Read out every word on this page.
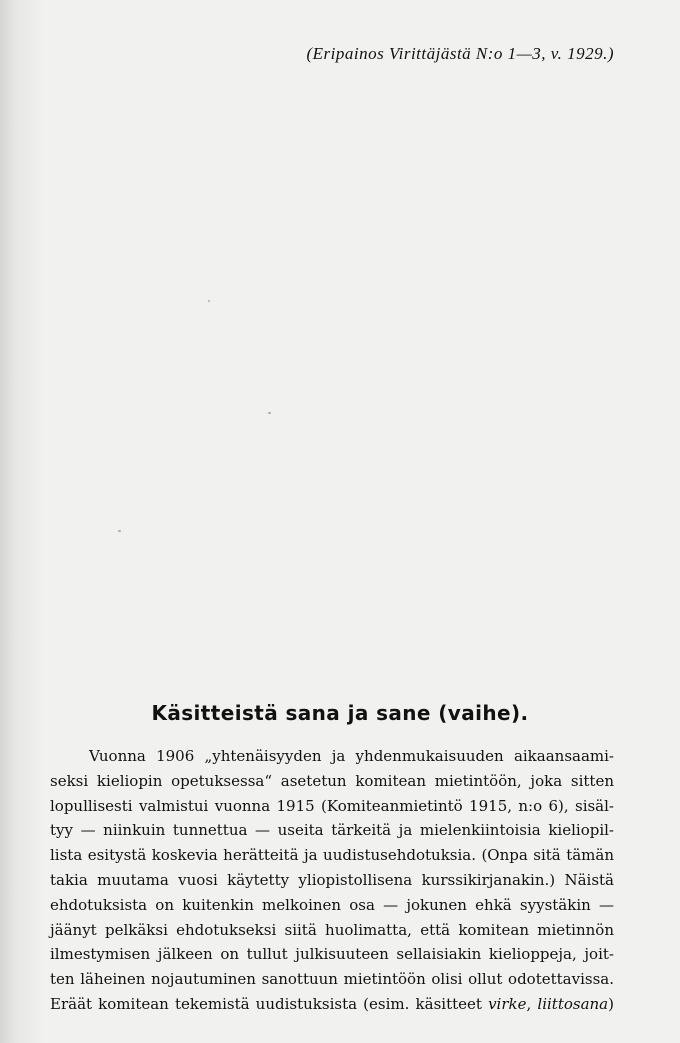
(Eripainos Virittäjästä N:o 1—3, v. 1929.)
Käsitteistä sana ja sane (vaihe).
Vuonna 1906 „yhtenäisyyden ja yhdenmukaisuuden aikaansaami-
seksi kieliopin opetuksessa“ asetetun komitean mietintöön, joka sitten
lopullisesti valmistui vuonna 1915 (Komiteanmietintö 1915, n:o 6), sisäl-
tyy — niinkuin tunnettua — useita tärkeitä ja mielenkiintoisia kieliopil-
lista esitystä koskevia herätteitä ja uudistusehdotuksia. (Onpa sitä tämän
takia muutama vuosi käytetty yliopistollisena kurssikirjanakin.) Näistä
ehdotuksista on kuitenkin melkoinen osa — jokunen ehkä syystäkin —
jäänyt pelkäksi ehdotukseksi siitä huolimatta, että komitean mietinnön
ilmestymisen jälkeen on tullut julkisuuteen sellaisiakin kielioppeja, joit-
ten läheinen nojautuminen sanottuun mietintöön olisi ollut odotettavissa.
Eräät komitean tekemistä uudistuksista (esim. käsitteet virke, liittosana)
